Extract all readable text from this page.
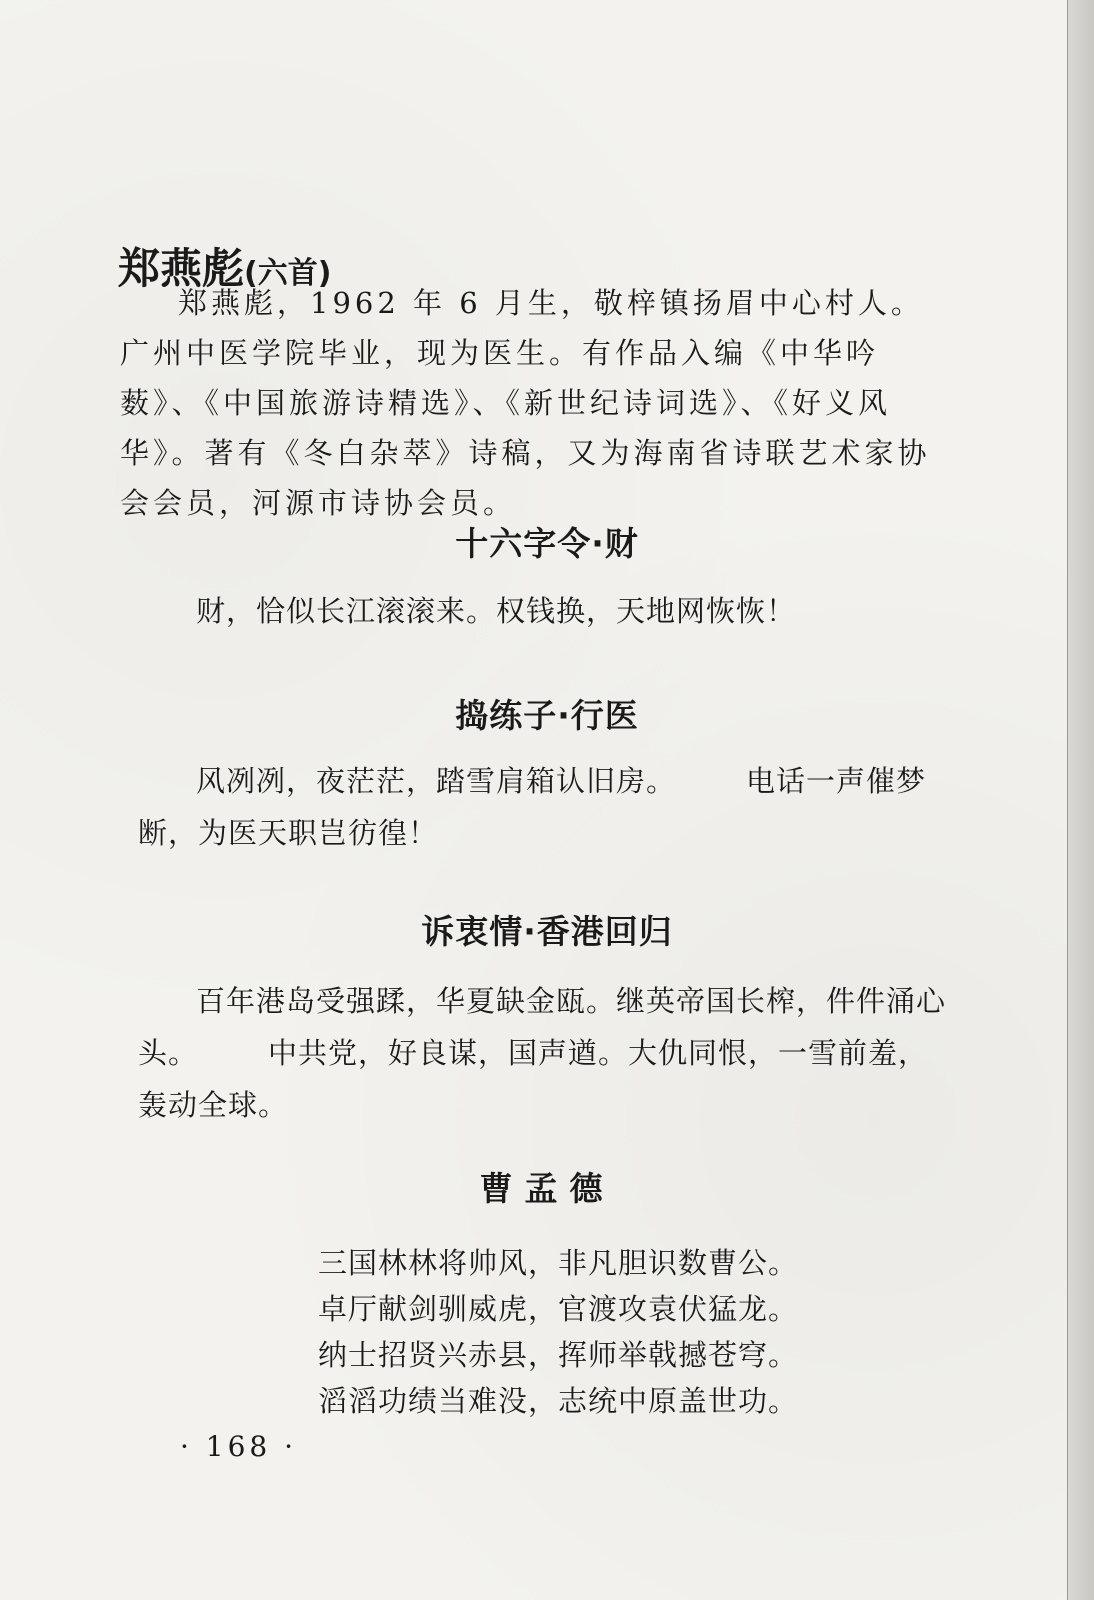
郑燕彪(六首)

郑燕彪，1962 年 6 月生，敬梓镇扬眉中心村人。广州中医学院毕业，现为医生。有作品入编《中华吟薮》、《中国旅游诗精选》、《新世纪诗词选》、《好义风华》。著有《冬白杂萃》诗稿，又为海南省诗联艺术家协会会员，河源市诗协会员。

十六字令·财

财，恰似长江滚滚来。权钱换，天地网恢恢！

捣练子·行医

风冽冽，夜茫茫，踏雪肩箱认旧房。 电话一声催梦断，为医天职岂彷徨！

诉衷情·香港回归

百年港岛受强蹂，华夏缺金瓯。继英帝国长榨，件件涌心头。 中共党，好良谋，国声遒。大仇同恨，一雪前羞，轰动全球。

曹孟德
三国林林将帅风，非凡胆识数曹公。
卓厅献剑驯威虎，官渡攻袁伏猛龙。
纳士招贤兴赤县，挥师举戟撼苍穹。
滔滔功绩当难没，志统中原盖世功。
· 168 ·
